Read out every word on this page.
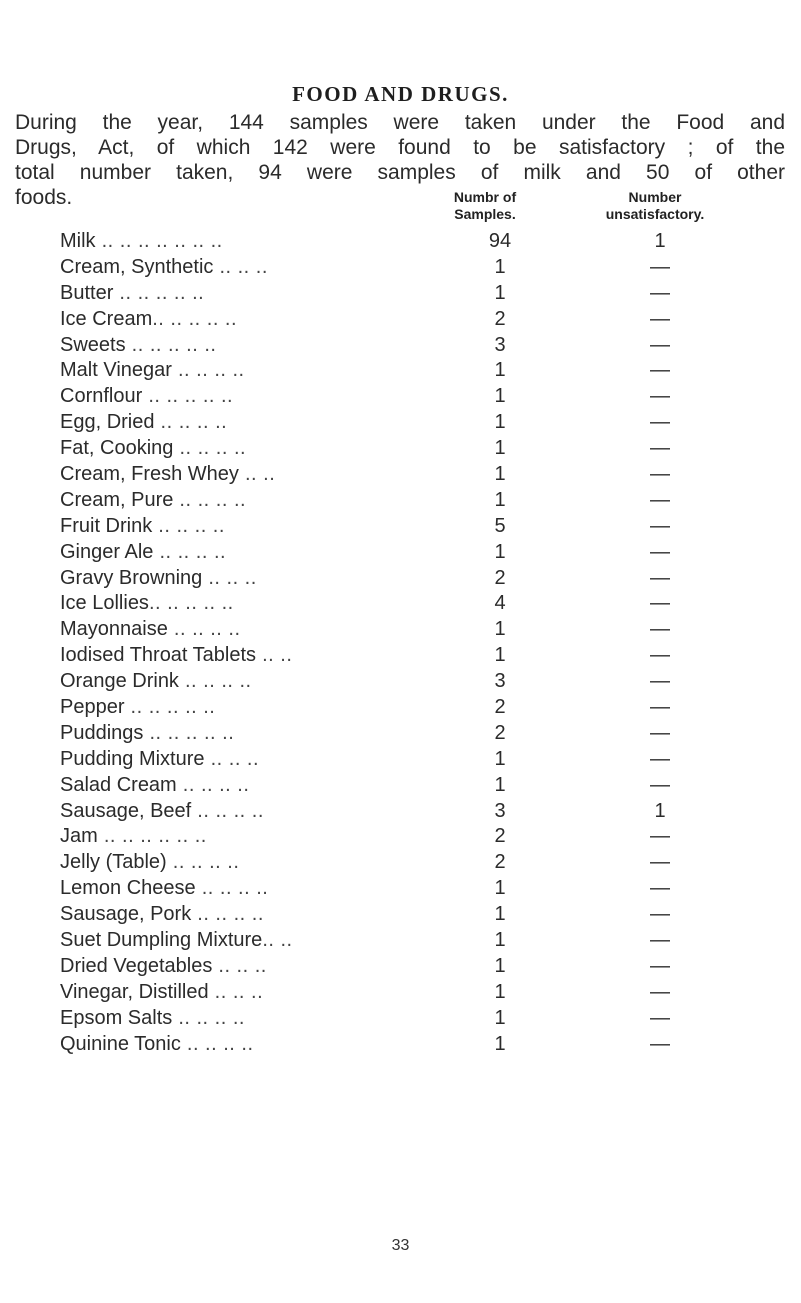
FOOD AND DRUGS.
During the year, 144 samples were taken under the Food and
Drugs, Act, of which 142 were found to be satisfactory ; of the
total number taken, 94 were samples of milk and 50 of other
foods.	Numbr of
Samples.
Number
unsatisfactory.
Milk .. .. .. .. .. .. ..	94	1
Cream, Synthetic .. .. ..	1	—
Butter .. .. .. .. ..	1	—
Ice Cream.. .. .. .. ..	2	—
Sweets .. .. .. .. ..	3	—
Malt Vinegar .. .. .. ..	1	—
Cornflour .. .. .. .. ..	1	—
Egg, Dried .. .. .. ..	1	—
Fat, Cooking .. .. .. ..	1	—
Cream, Fresh Whey .. ..	1	—
Cream, Pure .. .. .. ..	1	—
Fruit Drink .. .. .. ..	5	—
Ginger Ale .. .. .. ..	1	—
Gravy Browning .. .. ..	2	—
Ice Lollies.. .. .. .. ..	4	—
Mayonnaise .. .. .. ..	1	—
Iodised Throat Tablets .. ..	1	—
Orange Drink .. .. .. ..	3	—
Pepper .. .. .. .. ..	2	—
Puddings .. .. .. .. ..	2	—
Pudding Mixture .. .. ..	1	—
Salad Cream .. .. .. ..	1	—
Sausage, Beef .. .. .. ..	3	1
Jam .. .. .. .. .. ..	2	—
Jelly (Table) .. .. .. ..	2	—
Lemon Cheese .. .. .. ..	1	—
Sausage, Pork .. .. .. ..	1	—
Suet Dumpling Mixture.. ..	1	—
Dried Vegetables .. .. ..	1	—
Vinegar, Distilled .. .. ..	1	—
Epsom Salts .. .. .. ..	1	—
Quinine Tonic .. .. .. ..	1	—
33
